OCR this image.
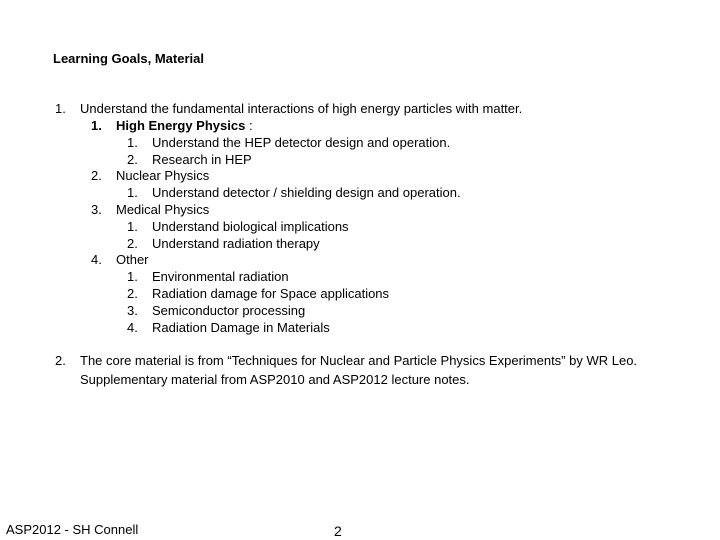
Learning Goals, Material
1. Understand the fundamental interactions of high energy particles with matter.
1. High Energy Physics :
1. Understand the HEP detector design and operation.
2. Research in HEP
2. Nuclear Physics
1. Understand detector / shielding design and operation.
3. Medical Physics
1. Understand biological implications
2. Understand radiation therapy
4. Other
1. Environmental radiation
2. Radiation damage for Space applications
3. Semiconductor processing
4. Radiation Damage in Materials
2. The core material is from “Techniques for Nuclear and Particle Physics Experiments” by WR Leo.
Supplementary material from ASP2010 and ASP2012 lecture notes.
ASP2012 - SH Connell	2
